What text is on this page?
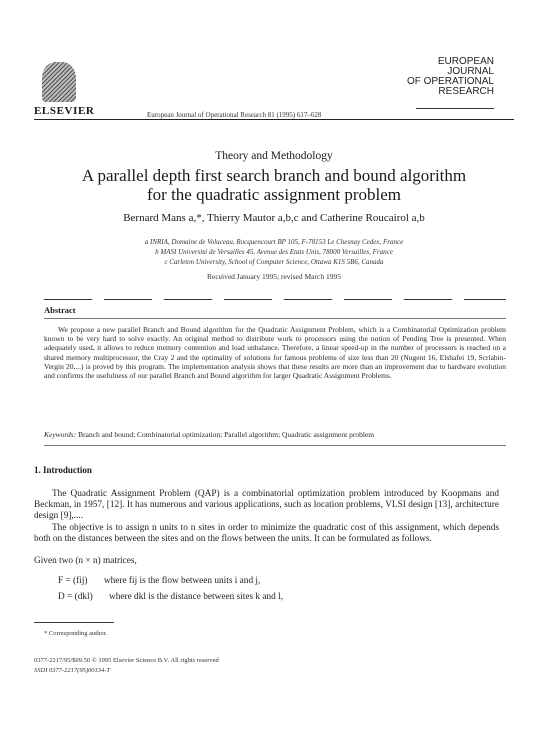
ELSEVIER	European Journal of Operational Research 81 (1995) 617–628
EUROPEAN
JOURNAL
OF OPERATIONAL
RESEARCH
Theory and Methodology
A parallel depth first search branch and bound algorithm
for the quadratic assignment problem
Bernard Mans a,*, Thierry Mautor a,b,c and Catherine Roucairol a,b
a INRIA, Domaine de Voluceau, Rocquencourt BP 105, F-78153 Le Chesnay Cedex, France
b MASI Université de Versailles 45, Avenue des Etats Unis, 78000 Versailles, France
c Carleton University, School of Computer Science, Ottawa K1S 5B6, Canada
Received January 1995; revised March 1995
Abstract
We propose a new parallel Branch and Bound algorithm for the Quadratic Assignment Problem, which is a Combinatorial Optimization problem known to be very hard to solve exactly. An original method to distribute work to processors using the notion of Pending Tree is presented. When adequately used, it allows to reduce memory contention and load unbalance. Therefore, a linear speed-up in the number of processors is reached on a shared memory multiprocessor, the Cray 2 and the optimality of solutions for famous problems of size less than 20 (Nugent 16, Elshafei 19, Scriabin-Vergin 20,...) is proved by this program. The implementation analysis shows that these results are more than an improvement due to hardware evolution and confirms the usefulness of our parallel Branch and Bound algorithm for larger Quadratic Assignment Problems.
Keywords: Branch and bound; Combinatorial optimization; Parallel algorithm; Quadratic assignment problem
1. Introduction
The Quadratic Assignment Problem (QAP) is a combinatorial optimization problem introduced by Koopmans and Beckman, in 1957, [12]. It has numerous and various applications, such as location problems, VLSI design [13], architecture design [9],....
The objective is to assign n units to n sites in order to minimize the quadratic cost of this assignment, which depends both on the distances between the sites and on the flows between the units. It can be formulated as follows.
Given two (n × n) matrices,
F = (fij) where fij is the flow between units i and j,
D = (dkl) where dkl is the distance between sites k and l,
* Corresponding author.
0377-2217/95/$09.50 © 1995 Elsevier Science B.V. All rights reserved
SSDI 0377-2217(95)00134-T
